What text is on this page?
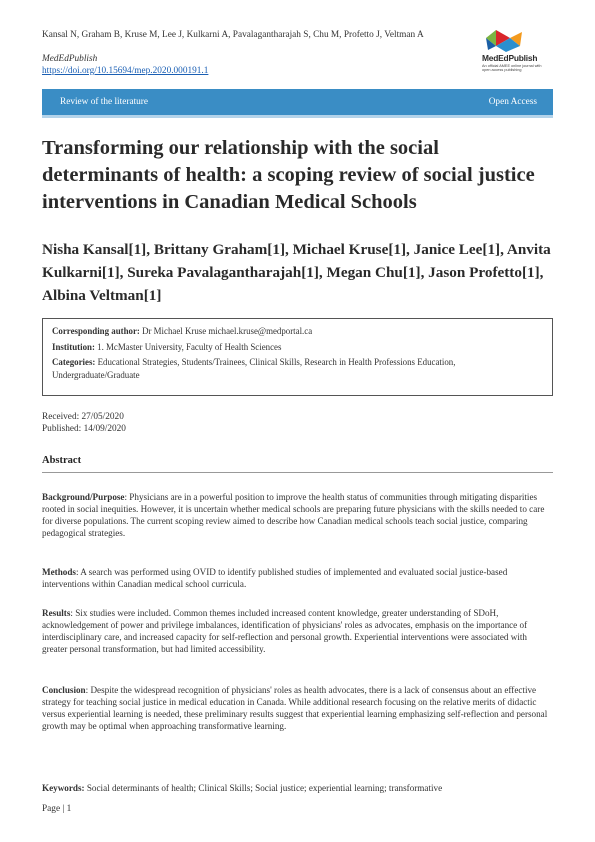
Kansal N, Graham B, Kruse M, Lee J, Kulkarni A, Pavalagantharajah S, Chu M, Profetto J, Veltman A
MedEdPublish
https://doi.org/10.15694/mep.2020.000191.1
MedEdPublish
An official AMEE online journal with open access publishing
Review of the literature	Open Access
Transforming our relationship with the social determinants of health: a scoping review of social justice interventions in Canadian Medical Schools
Nisha Kansal[1], Brittany Graham[1], Michael Kruse[1], Janice Lee[1], Anvita Kulkarni[1], Sureka Pavalagantharajah[1], Megan Chu[1], Jason Profetto[1], Albina Veltman[1]
Corresponding author: Dr Michael Kruse michael.kruse@medportal.ca
Institution: 1. McMaster University, Faculty of Health Sciences
Categories: Educational Strategies, Students/Trainees, Clinical Skills, Research in Health Professions Education, Undergraduate/Graduate
Received: 27/05/2020
Published: 14/09/2020
Abstract
Background/Purpose: Physicians are in a powerful position to improve the health status of communities through mitigating disparities rooted in social inequities. However, it is uncertain whether medical schools are preparing future physicians with the skills needed to care for diverse populations. The current scoping review aimed to describe how Canadian medical schools teach social justice, comparing pedagogical strategies.
Methods: A search was performed using OVID to identify published studies of implemented and evaluated social justice-based interventions within Canadian medical school curricula.
Results: Six studies were included. Common themes included increased content knowledge, greater understanding of SDoH, acknowledgement of power and privilege imbalances, identification of physicians' roles as advocates, emphasis on the importance of interdisciplinary care, and increased capacity for self-reflection and personal growth. Experiential interventions were associated with greater personal transformation, but had limited accessibility.
Conclusion: Despite the widespread recognition of physicians' roles as health advocates, there is a lack of consensus about an effective strategy for teaching social justice in medical education in Canada. While additional research focusing on the relative merits of didactic versus experiential learning is needed, these preliminary results suggest that experiential learning emphasizing self-reflection and personal growth may be optimal when approaching transformative learning.
Keywords: Social determinants of health; Clinical Skills; Social justice; experiential learning; transformative
Page | 1
